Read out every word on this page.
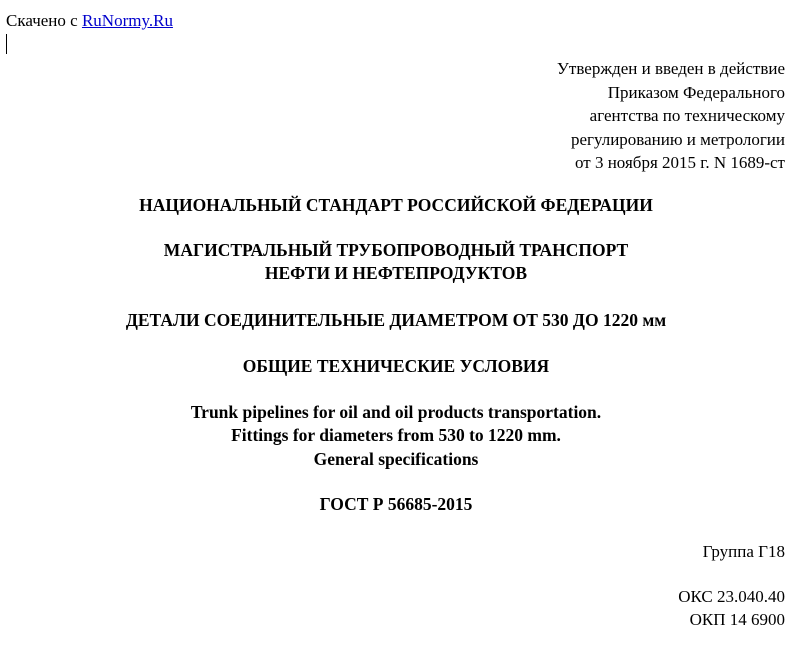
Скачено с RuNormy.Ru
Утвержден и введен в действие
Приказом Федерального
агентства по техническому
регулированию и метрологии
от 3 ноября 2015 г. N 1689-ст
НАЦИОНАЛЬНЫЙ СТАНДАРТ РОССИЙСКОЙ ФЕДЕРАЦИИ
МАГИСТРАЛЬНЫЙ ТРУБОПРОВОДНЫЙ ТРАНСПОРТ
НЕФТИ И НЕФТЕПРОДУКТОВ
ДЕТАЛИ СОЕДИНИТЕЛЬНЫЕ ДИАМЕТРОМ ОТ 530 ДО 1220 мм
ОБЩИЕ ТЕХНИЧЕСКИЕ УСЛОВИЯ
Trunk pipelines for oil and oil products transportation.
Fittings for diameters from 530 to 1220 mm.
General specifications
ГОСТ Р 56685-2015
Группа Г18
ОКС 23.040.40
ОКП 14 6900
